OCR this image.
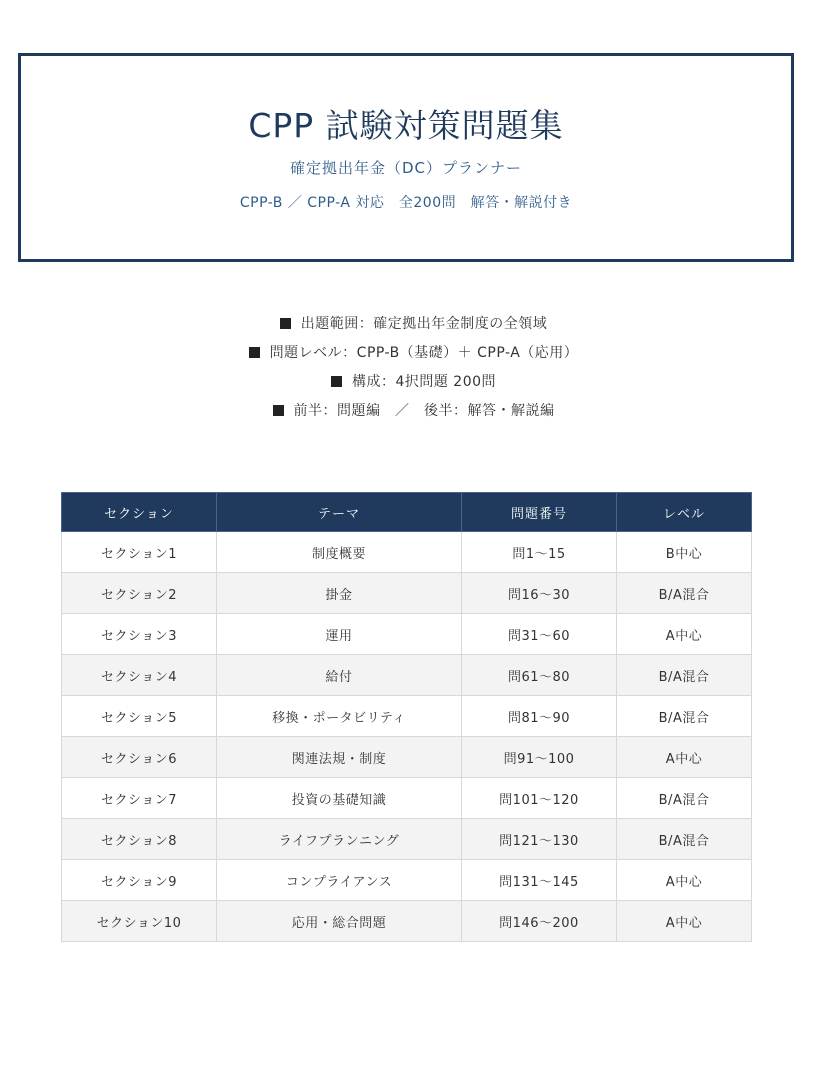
CPP 試験対策問題集
確定拠出年金（DC）プランナー
CPP-B ／ CPP-A 対応　全200問　解答・解説付き
出題範囲：確定拠出年金制度の全領域
問題レベル：CPP-B（基礎）＋ CPP-A（応用）
構成：4択問題 200問
前半：問題編　／　後半：解答・解説編
セクション	テーマ	問題番号	レベル
セクション1	制度概要	問1〜15	B中心
セクション2	掛金	問16〜30	B/A混合
セクション3	運用	問31〜60	A中心
セクション4	給付	問61〜80	B/A混合
セクション5	移換・ポータビリティ	問81〜90	B/A混合
セクション6	関連法規・制度	問91〜100	A中心
セクション7	投資の基礎知識	問101〜120	B/A混合
セクション8	ライフプランニング	問121〜130	B/A混合
セクション9	コンプライアンス	問131〜145	A中心
セクション10	応用・総合問題	問146〜200	A中心
